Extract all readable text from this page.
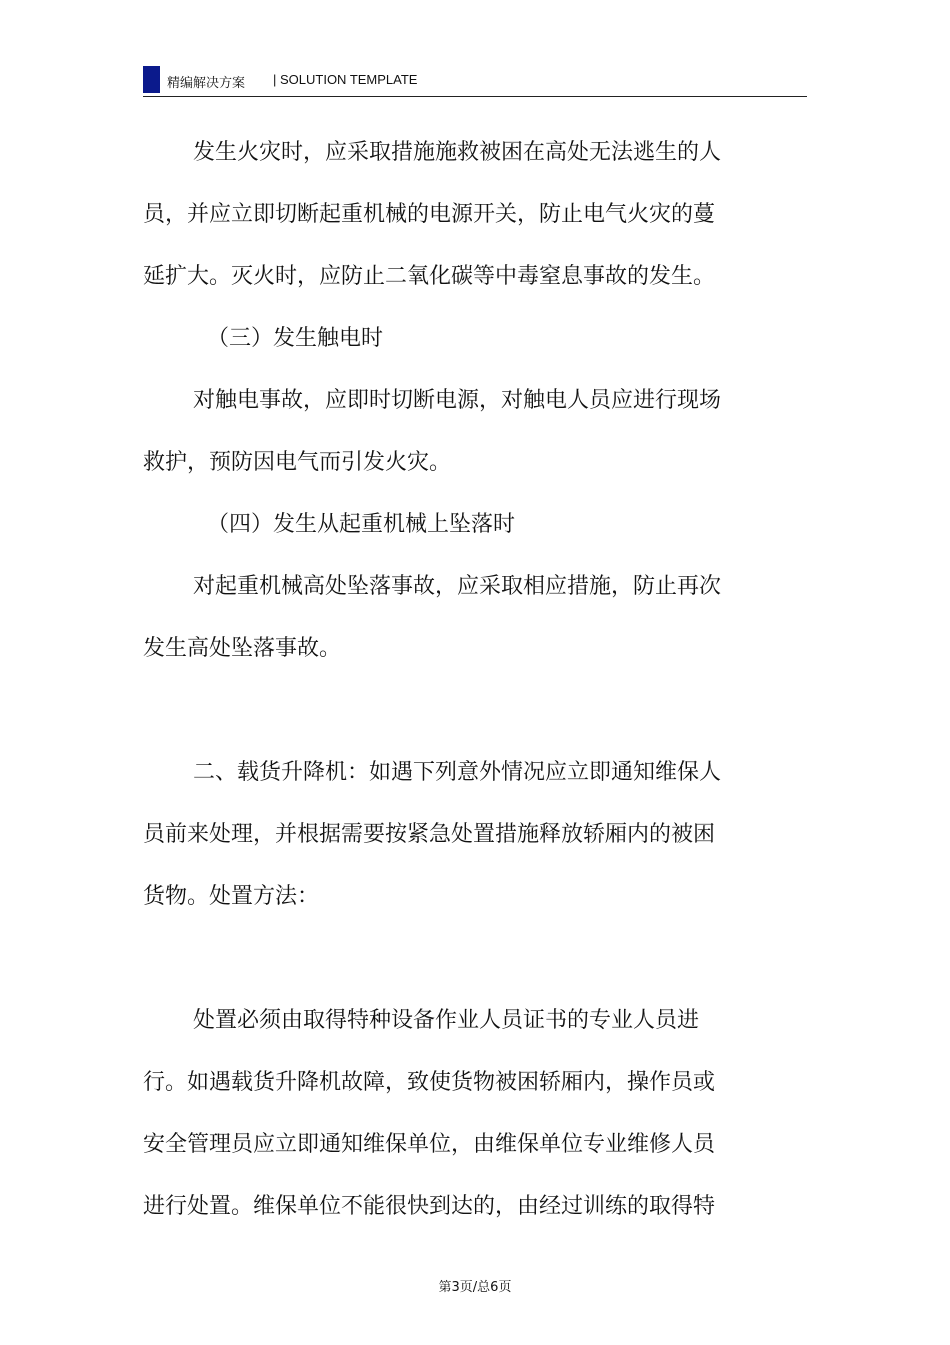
精编解决方案 | SOLUTION TEMPLATE
发生火灾时，应采取措施施救被困在高处无法逃生的人
员，并应立即切断起重机械的电源开关，防止电气火灾的蔓
延扩大。灭火时，应防止二氧化碳等中毒窒息事故的发生。
（三）发生触电时
对触电事故，应即时切断电源，对触电人员应进行现场
救护，预防因电气而引发火灾。
（四）发生从起重机械上坠落时
对起重机械高处坠落事故，应采取相应措施，防止再次
发生高处坠落事故。
二、载货升降机：如遇下列意外情况应立即通知维保人
员前来处理，并根据需要按紧急处置措施释放轿厢内的被困
货物。处置方法：
处置必须由取得特种设备作业人员证书的专业人员进
行。如遇载货升降机故障，致使货物被困轿厢内，操作员或
安全管理员应立即通知维保单位，由维保单位专业维修人员
进行处置。维保单位不能很快到达的，由经过训练的取得特
第3页/总6页
